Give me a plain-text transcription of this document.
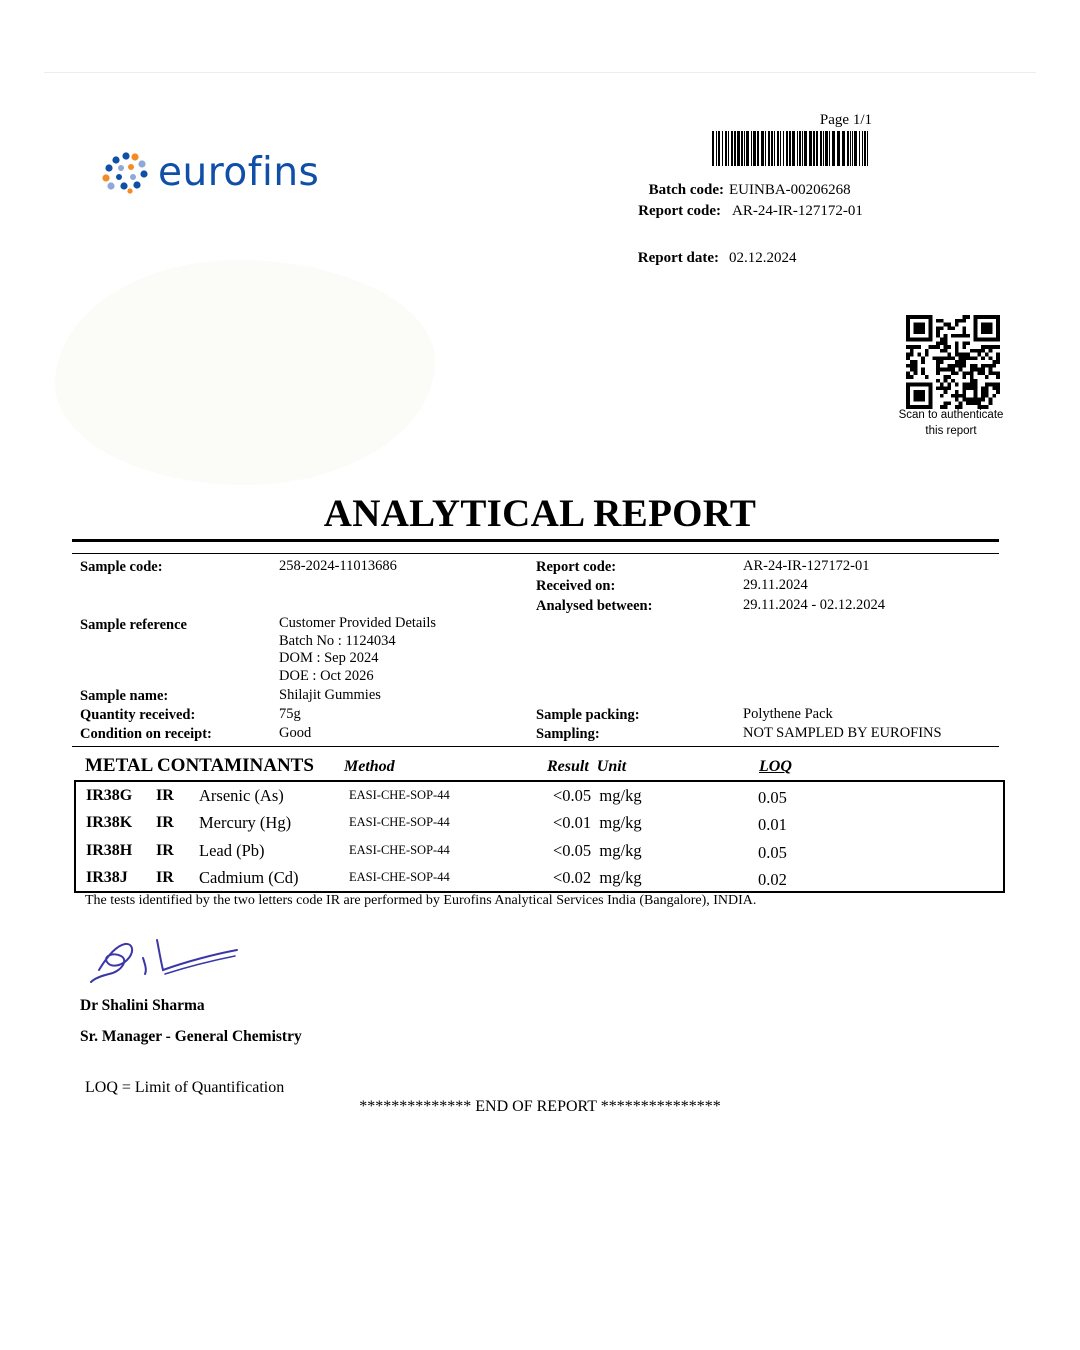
eurofins
Page 1/1
Batch code: EUINBA-00206268
Report code: AR-24-IR-127172-01
Report date: 02.12.2024
Scan to authenticate
this report
ANALYTICAL REPORT
Sample code:	258-2024-11013686
Sample reference	Customer Provided Details
Batch No : 1124034
DOM : Sep 2024
DOE : Oct 2026
Sample name:	Shilajit Gummies
Quantity received:	75g
Condition on receipt:	Good
Report code:	AR-24-IR-127172-01
Received on:	29.11.2024
Analysed between:	29.11.2024 - 02.12.2024
Sample packing:	Polythene Pack
Sampling:	NOT SAMPLED BY EUROFINS
METAL CONTAMINANTS Method	Result  Unit	LOQ
IR38G IR Arsenic (As)	EASI-CHE-SOP-44	<0.05  mg/kg	0.05
IR38K IR Mercury (Hg)	EASI-CHE-SOP-44	<0.01  mg/kg	0.01
IR38H IR Lead (Pb)	EASI-CHE-SOP-44	<0.05  mg/kg	0.05
IR38J IR Cadmium (Cd)	EASI-CHE-SOP-44	<0.02  mg/kg	0.02
The tests identified by the two letters code IR are performed by Eurofins Analytical Services India (Bangalore), INDIA.
Dr Shalini Sharma
Sr. Manager - General Chemistry
LOQ = Limit of Quantification
************** END OF REPORT ***************
